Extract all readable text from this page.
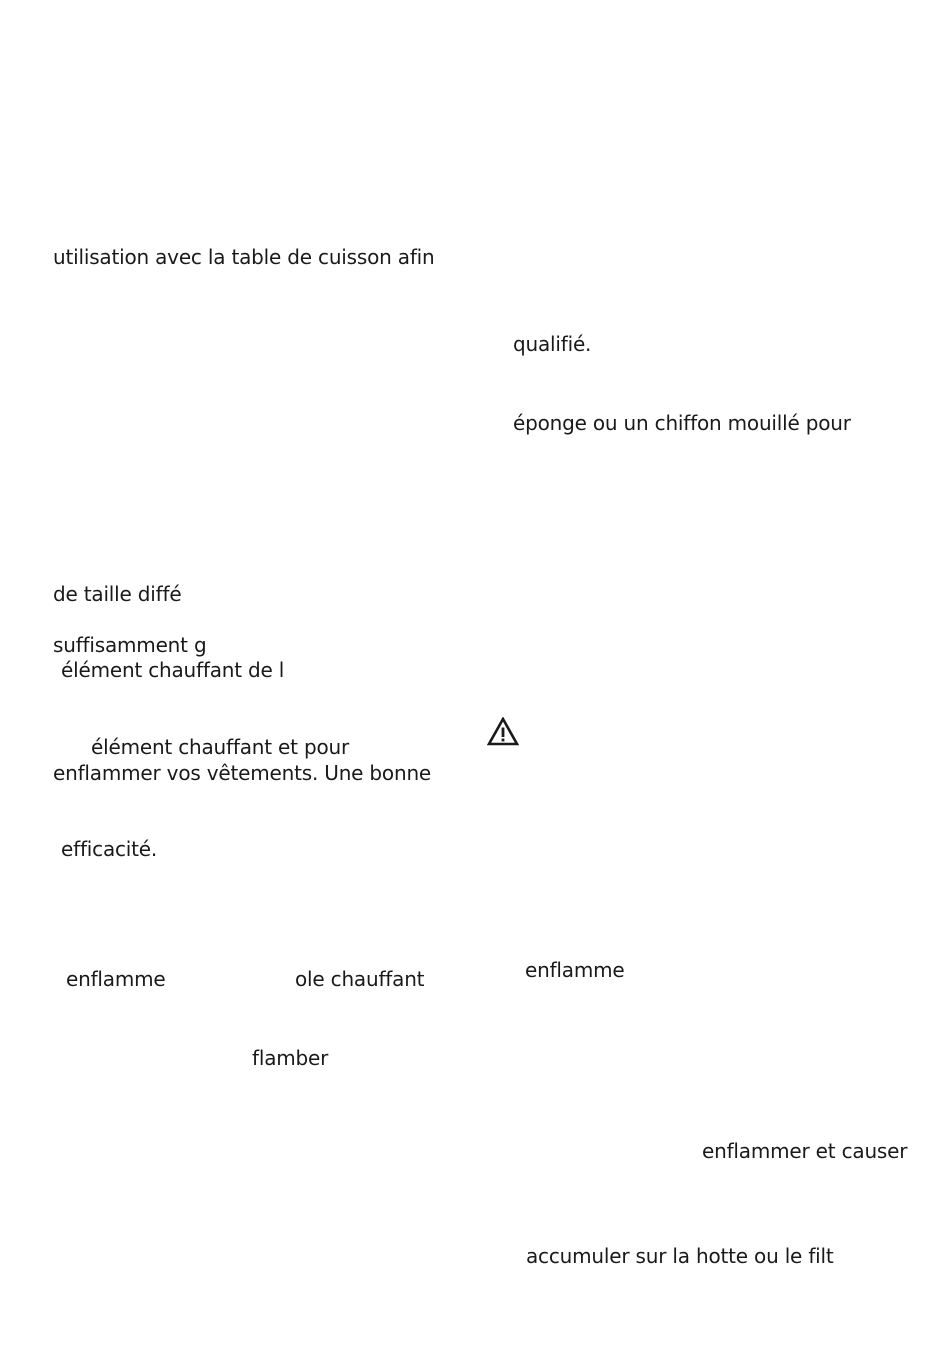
utilisation avec la table de cuisson afin
qualifié.
éponge ou un chiffon mouillé pour
de taille diffé
suffisamment g
élément chauffant de l
élément chauffant et pour
enflammer vos vêtements. Une bonne
efficacité.
enflamme
enflamme	ole chauffant
flamber
enflammer et causer
accumuler sur la hotte ou le filt
